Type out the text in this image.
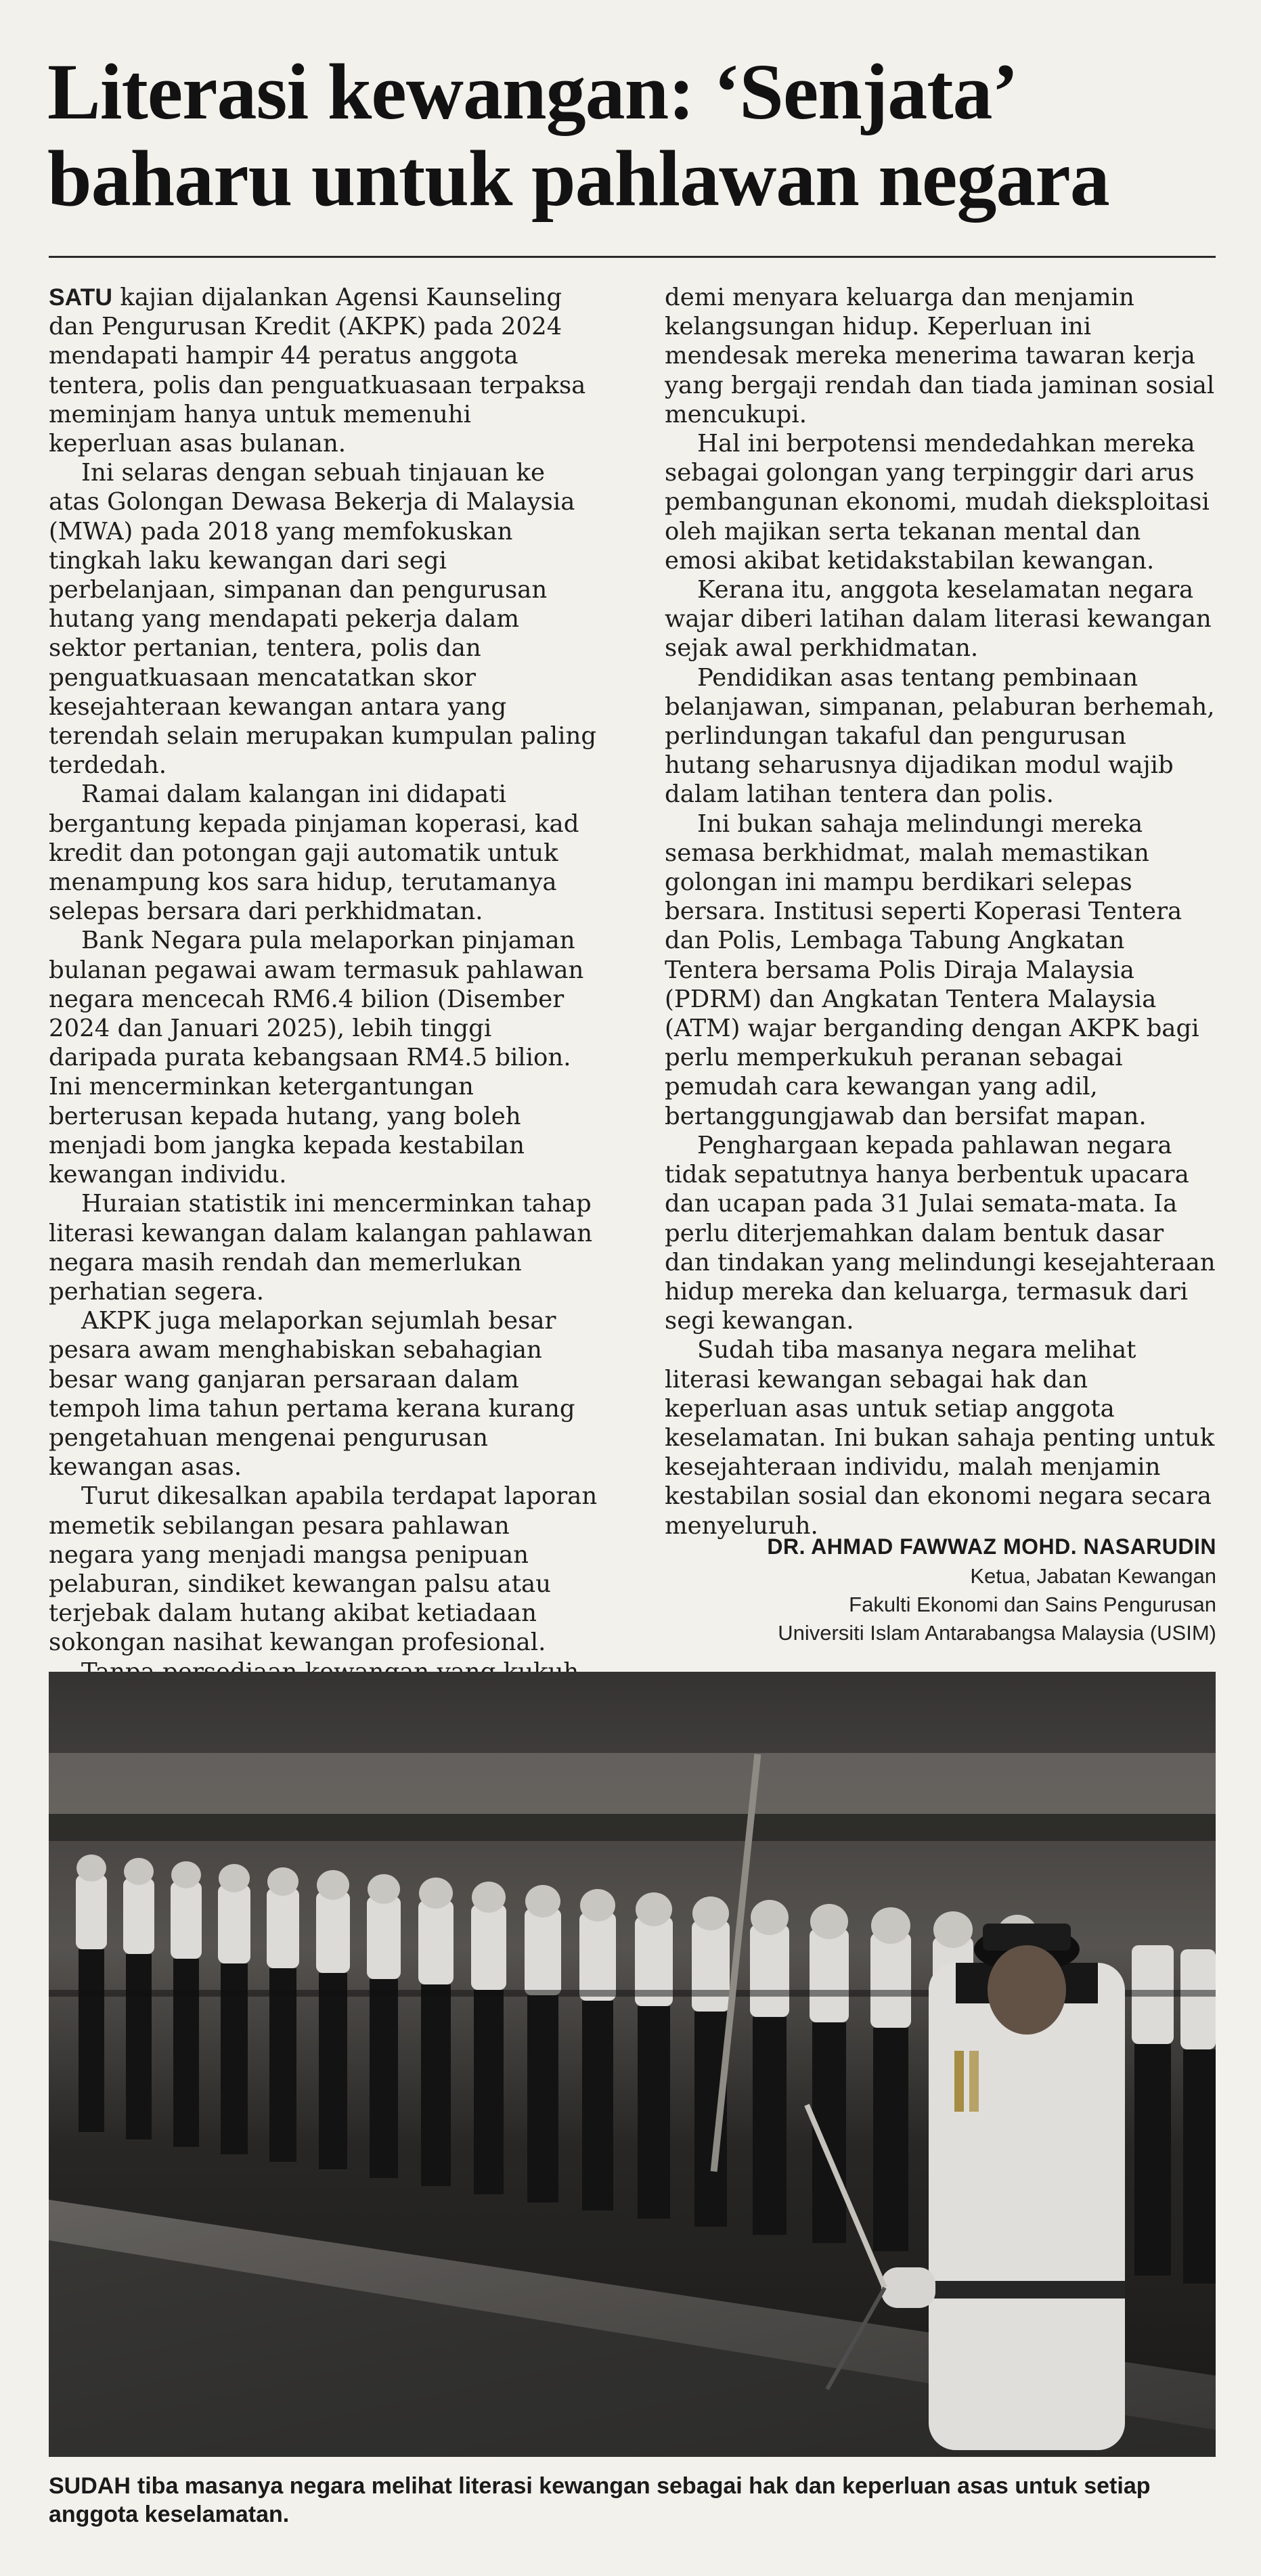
Literasi kewangan: ‘Senjata’
baharu untuk pahlawan negara

SATU kajian dijalankan Agensi Kaunseling dan Pengurusan Kredit (AKPK) pada 2024 mendapati hampir 44 peratus anggota tentera, polis dan penguatkuasaan terpaksa meminjam hanya untuk memenuhi keperluan asas bulanan.

Ini selaras dengan sebuah tinjauan ke atas Golongan Dewasa Bekerja di Malaysia (MWA) pada 2018 yang memfokuskan tingkah laku kewangan dari segi perbelanjaan, simpanan dan pengurusan hutang yang mendapati pekerja dalam sektor pertanian, tentera, polis dan penguatkuasaan mencatatkan skor kesejahteraan kewangan antara yang terendah selain merupakan kumpulan paling terdedah.

Ramai dalam kalangan ini didapati bergantung kepada pinjaman koperasi, kad kredit dan potongan gaji automatik untuk menampung kos sara hidup, terutamanya selepas bersara dari perkhidmatan.

Bank Negara pula melaporkan pinjaman bulanan pegawai awam termasuk pahlawan negara mencecah RM6.4 bilion (Disember 2024 dan Januari 2025), lebih tinggi daripada purata kebangsaan RM4.5 bilion. Ini mencerminkan ketergantungan berterusan kepada hutang, yang boleh menjadi bom jangka kepada kestabilan kewangan individu.

Huraian statistik ini mencerminkan tahap literasi kewangan dalam kalangan pahlawan negara masih rendah dan memerlukan perhatian segera.

AKPK juga melaporkan sejumlah besar pesara awam menghabiskan sebahagian besar wang ganjaran persaraan dalam tempoh lima tahun pertama kerana kurang pengetahuan mengenai pengurusan kewangan asas.

Turut dikesalkan apabila terdapat laporan memetik sebilangan pesara pahlawan negara yang menjadi mangsa penipuan pelaburan, sindiket kewangan palsu atau terjebak dalam hutang akibat ketiadaan sokongan nasihat kewangan profesional.

demi menyara keluarga dan menjamin kelangsungan hidup. Keperluan ini mendesak mereka menerima tawaran kerja yang bergaji rendah dan tiada jaminan sosial mencukupi.

Hal ini berpotensi mendedahkan mereka sebagai golongan yang terpinggir dari arus pembangunan ekonomi, mudah dieksploitasi oleh majikan serta tekanan mental dan emosi akibat ketidakstabilan kewangan.

Kerana itu, anggota keselamatan negara wajar diberi latihan dalam literasi kewangan sejak awal perkhidmatan.

Pendidikan asas tentang pembinaan belanjawan, simpanan, pelaburan berhemah, perlindungan takaful dan pengurusan hutang seharusnya dijadikan modul wajib dalam latihan tentera dan polis.

Ini bukan sahaja melindungi mereka semasa berkhidmat, malah memastikan golongan ini mampu berdikari selepas bersara. Institusi seperti Koperasi Tentera dan Polis, Lembaga Tabung Angkatan Tentera bersama Polis Diraja Malaysia (PDRM) dan Angkatan Tentera Malaysia (ATM) wajar berganding dengan AKPK bagi perlu memperkukuh peranan sebagai pemudah cara kewangan yang adil, bertanggungjawab dan bersifat mapan.

Penghargaan kepada pahlawan negara tidak sepatutnya hanya berbentuk upacara dan ucapan pada 31 Julai semata-mata. Ia perlu diterjemahkan dalam bentuk dasar dan tindakan yang melindungi kesejahteraan hidup mereka dan keluarga, termasuk dari segi kewangan.

Sudah tiba masanya negara melihat literasi kewangan sebagai hak dan keperluan asas untuk setiap anggota keselamatan. Ini bukan sahaja penting untuk kesejahteraan individu, malah menjamin kestabilan sosial dan ekonomi negara secara menyeluruh.

DR. AHMAD FAWWAZ MOHD. NASARUDIN
Ketua, Jabatan Kewangan
Fakulti Ekonomi dan Sains Pengurusan
Universiti Islam Antarabangsa Malaysia (USIM)
SUDAH tiba masanya negara melihat literasi kewangan sebagai hak dan keperluan asas untuk setiap anggota keselamatan.
